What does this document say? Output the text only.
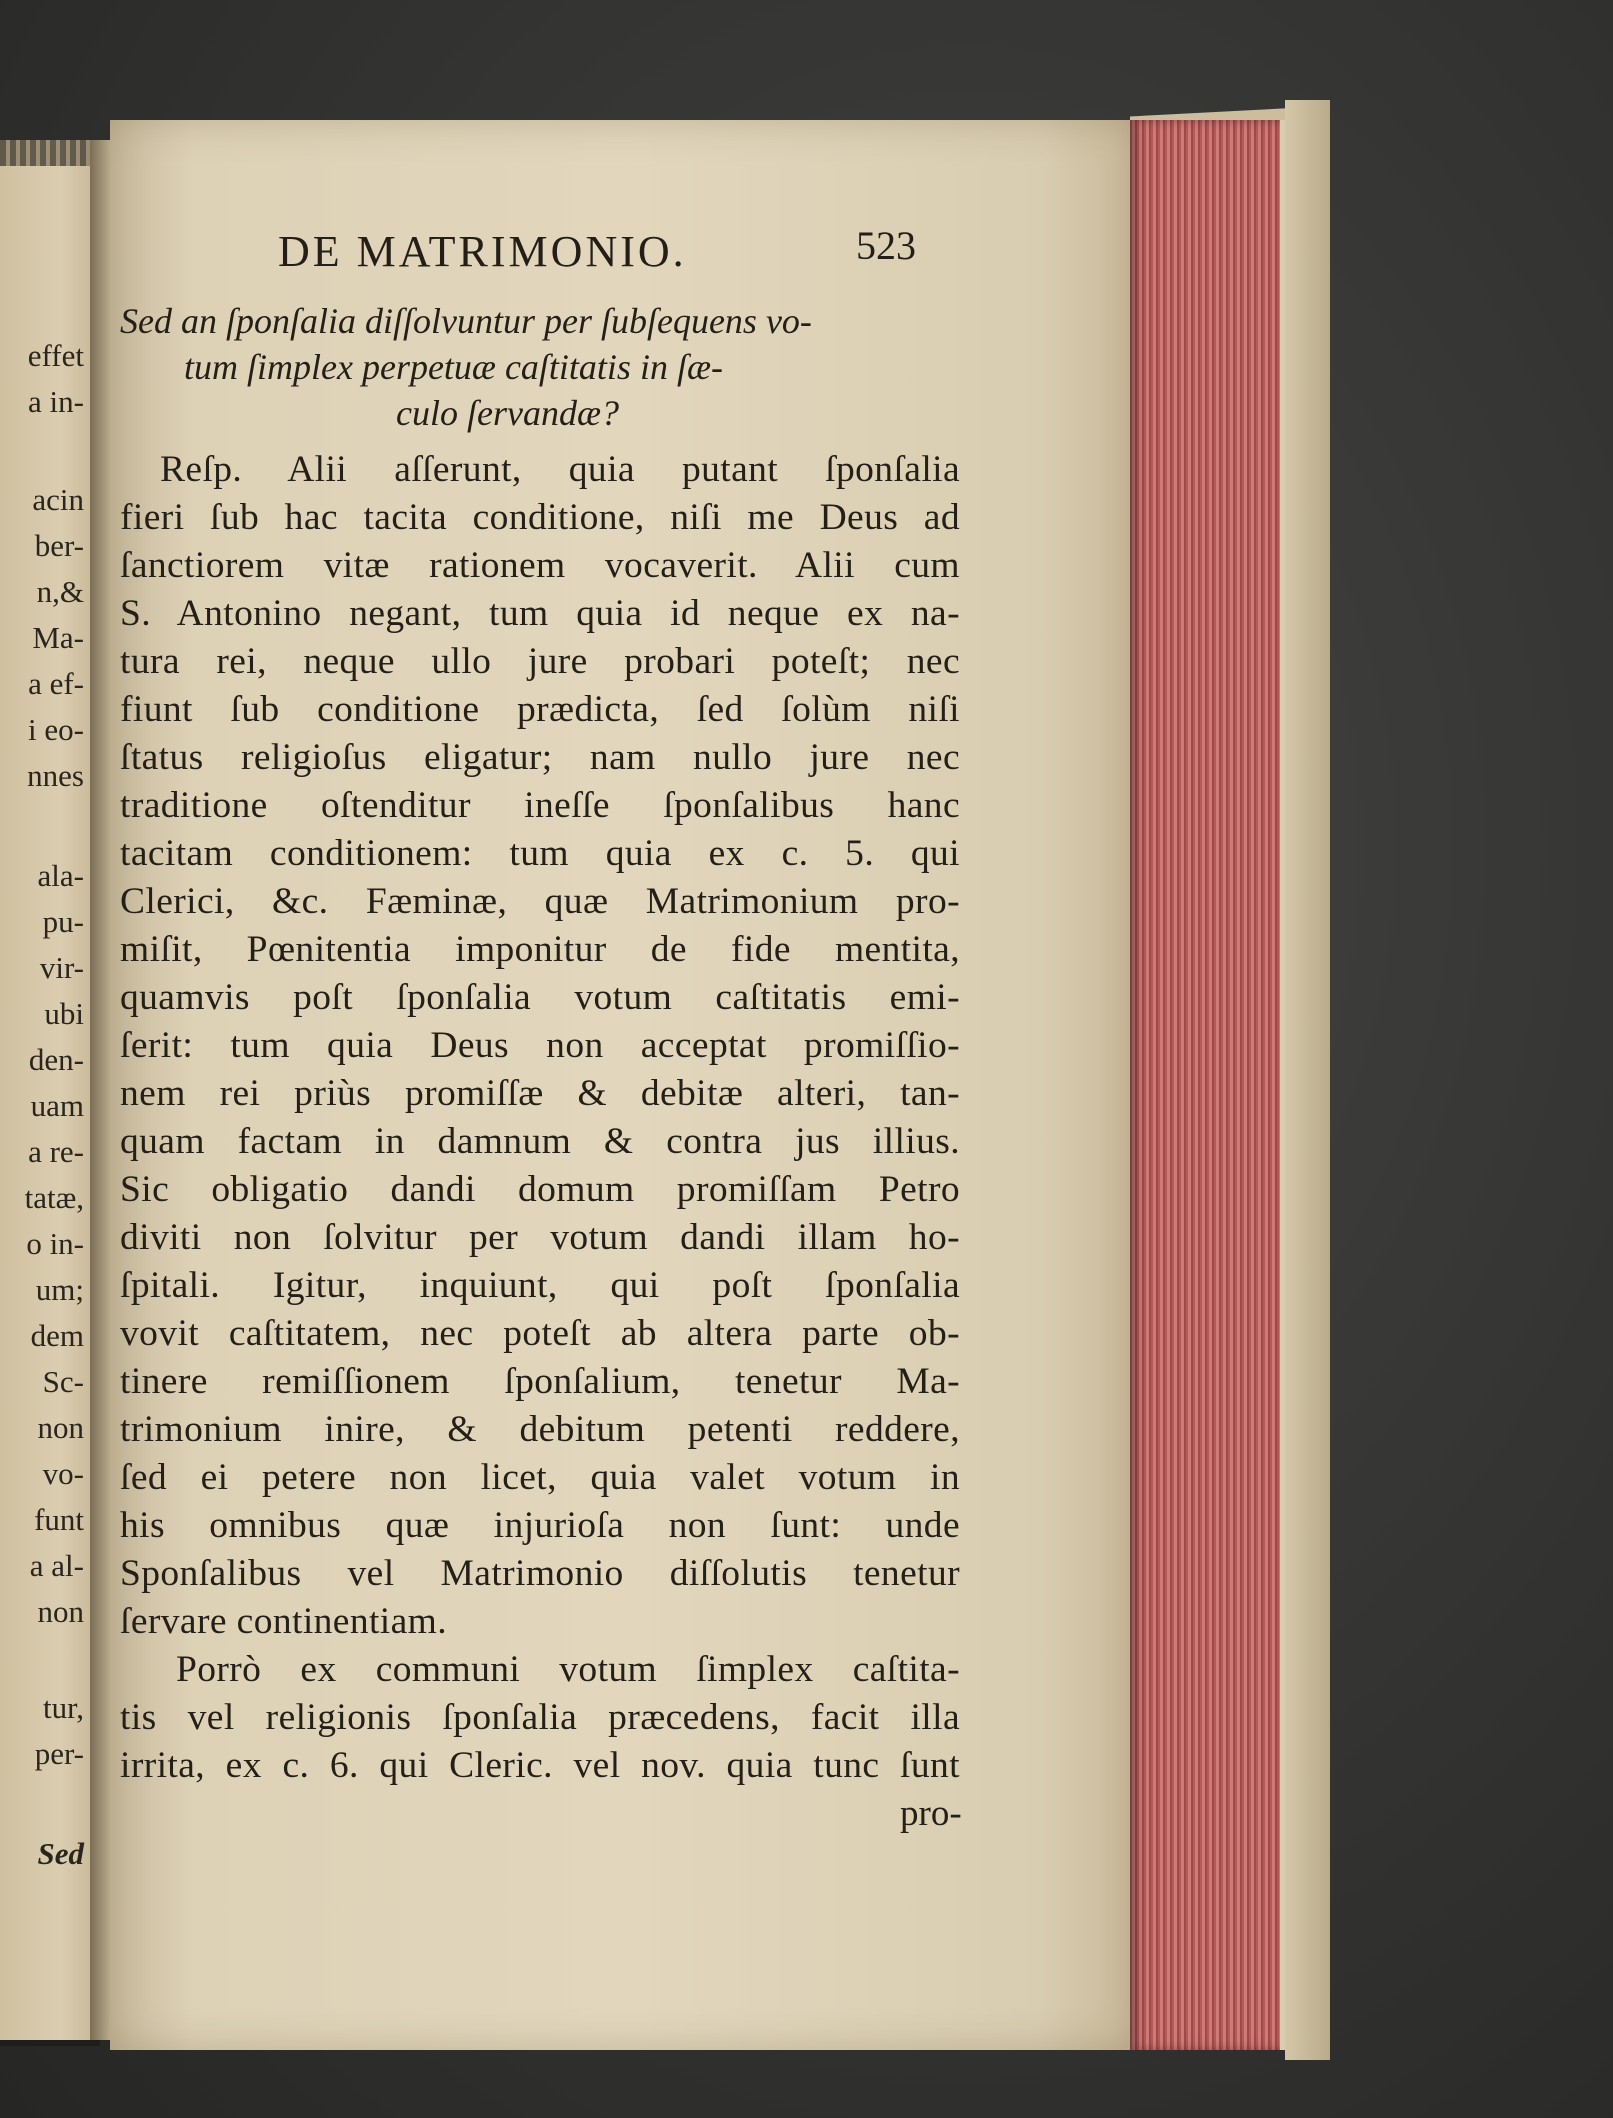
effet
a in-
acin
ber-
n,&
Ma-
a ef-
i eo-
nnes
ala-
pu-
vir-
ubi
den-
uam
a re-
tatæ,
o in-
um;
dem
Sc-
non
vo-
funt
a al-
non
tur,
per-
Sed
DE MATRIMONIO.	523
Sed an ſponſalia diſſolvuntur per ſubſequens vo-
tum ſimplex perpetuæ caſtitatis in ſæ-
culo ſervandæ?
Reſp. Alii aſſerunt, quia putant ſponſalia
fieri ſub hac tacita conditione, niſi me Deus ad
ſanctiorem vitæ rationem vocaverit. Alii cum
S. Antonino negant, tum quia id neque ex na-
tura rei, neque ullo jure probari poteſt; nec
fiunt ſub conditione prædicta, ſed ſolùm niſi
ſtatus religioſus eligatur; nam nullo jure nec
traditione oſtenditur ineſſe ſponſalibus hanc
tacitam conditionem: tum quia ex c. 5. qui
Clerici, &c. Fæminæ, quæ Matrimonium pro-
miſit, Pœnitentia imponitur de fide mentita,
quamvis poſt ſponſalia votum caſtitatis emi-
ſerit: tum quia Deus non acceptat promiſſio-
nem rei priùs promiſſæ & debitæ alteri, tan-
quam factam in damnum & contra jus illius.
Sic obligatio dandi domum promiſſam Petro
diviti non ſolvitur per votum dandi illam ho-
ſpitali. Igitur, inquiunt, qui poſt ſponſalia
vovit caſtitatem, nec poteſt ab altera parte ob-
tinere remiſſionem ſponſalium, tenetur Ma-
trimonium inire, & debitum petenti reddere,
ſed ei petere non licet, quia valet votum in
his omnibus quæ injurioſa non ſunt: unde
Sponſalibus vel Matrimonio diſſolutis tenetur
ſervare continentiam.
Porrò ex communi votum ſimplex caſtita-
tis vel religionis ſponſalia præcedens, facit illa
irrita, ex c. 6. qui Cleric. vel nov. quia tunc ſunt
pro-
